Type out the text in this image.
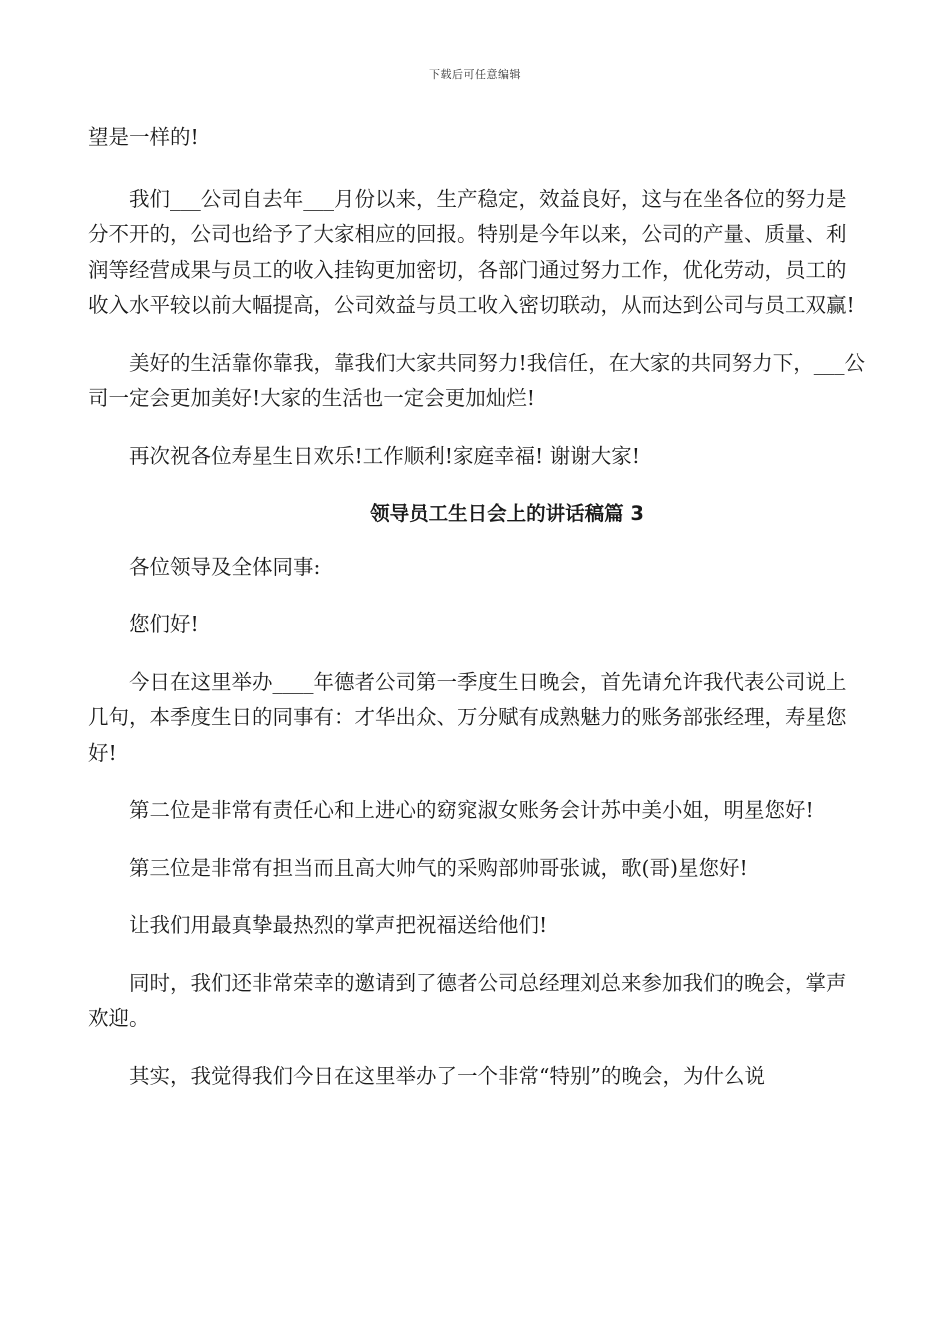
下载后可任意编辑

望是一样的!

我们___公司自去年___月份以来，生产稳定，效益良好，这与在坐各位的努力是分不开的，公司也给予了大家相应的回报。特别是今年以来，公司的产量、质量、利润等经营成果与员工的收入挂钩更加密切，各部门通过努力工作，优化劳动，员工的收入水平较以前大幅提高，公司效益与员工收入密切联动，从而达到公司与员工双赢!

美好的生活靠你靠我，靠我们大家共同努力!我信任，在大家的共同努力下，___公司一定会更加美好!大家的生活也一定会更加灿烂!

再次祝各位寿星生日欢乐!工作顺利!家庭幸福! 谢谢大家!

领导员工生日会上的讲话稿篇 3

各位领导及全体同事:

您们好!

今日在这里举办____年德者公司第一季度生日晚会，首先请允许我代表公司说上几句，本季度生日的同事有：才华出众、万分赋有成熟魅力的账务部张经理，寿星您好!

第二位是非常有责任心和上进心的窈窕淑女账务会计苏中美小姐，明星您好!

第三位是非常有担当而且高大帅气的采购部帅哥张诚，歌(哥)星您好!

让我们用最真挚最热烈的掌声把祝福送给他们!

同时，我们还非常荣幸的邀请到了德者公司总经理刘总来参加我们的晚会，掌声欢迎。

其实，我觉得我们今日在这里举办了一个非常“特别”的晚会，为什么说
